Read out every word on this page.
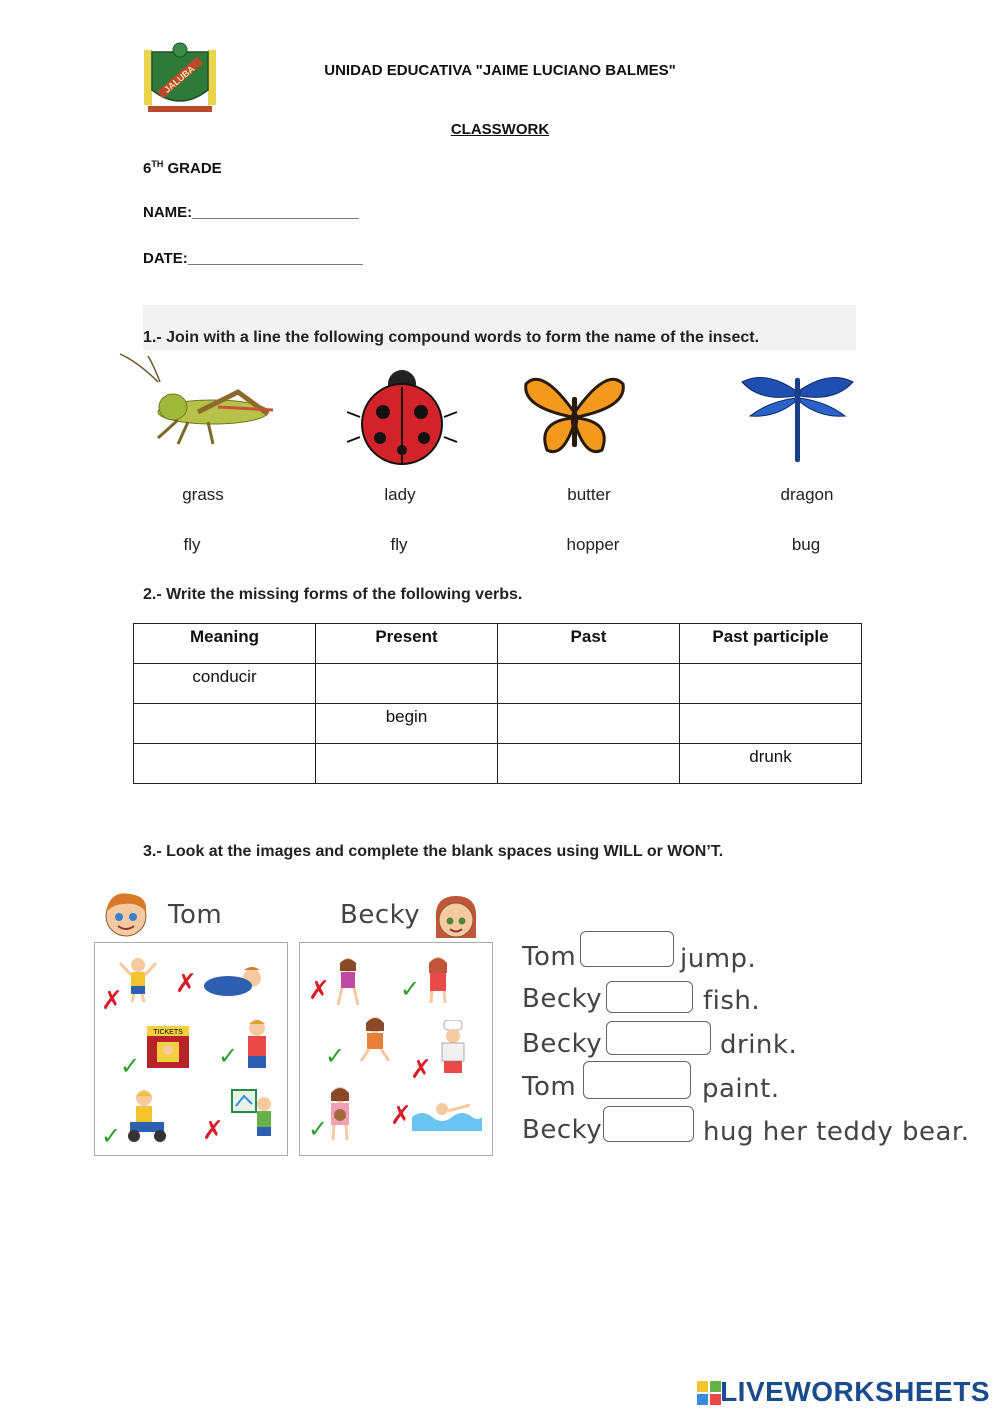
JALUBA	UNIDAD EDUCATIVA "JAIME LUCIANO BALMES"
CLASSWORK
6TH GRADE
NAME:____________________
DATE:_____________________
1.- Join with a line the following compound words to form the name of the insect.
grass	lady	butter	dragon
fly	fly	hopper	bug
2.- Write the missing forms of the following verbs.
Meaning	Present	Past	Past participle
conducir			
	begin		
			drunk
3.- Look at the images and complete the blank spaces using WILL or WON’T.
Tom	Becky
✗
✗
TICKETS
✓	✓
✓	✗
✗	✓
✓ ✗
✓ ✗
Tom	jump.
Becky	fish.
Becky	drink.
Tom	paint.
Becky	hug her teddy bear.
LIVEWORKSHEETS
